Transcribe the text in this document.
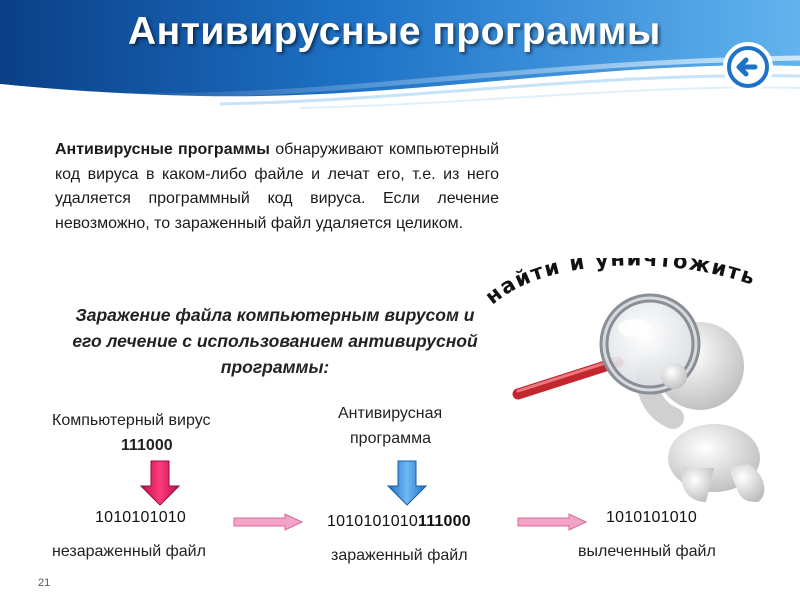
Антивирусные программы
Антивирусные программы обнаруживают компьютерный код вируса в каком-либо файле и лечат его, т.е. из него удаляется программный код вируса. Если лечение невозможно, то зараженный файл удаляется целиком.
найти и уничтожить
Заражение файла компьютерным вирусом и его лечение с использованием антивирусной программы:
Компьютерный вирус
111000
Антивирусная
программа
1010101010	1010101010111000	1010101010
незараженный файл	зараженный файл	вылеченный файл
21
